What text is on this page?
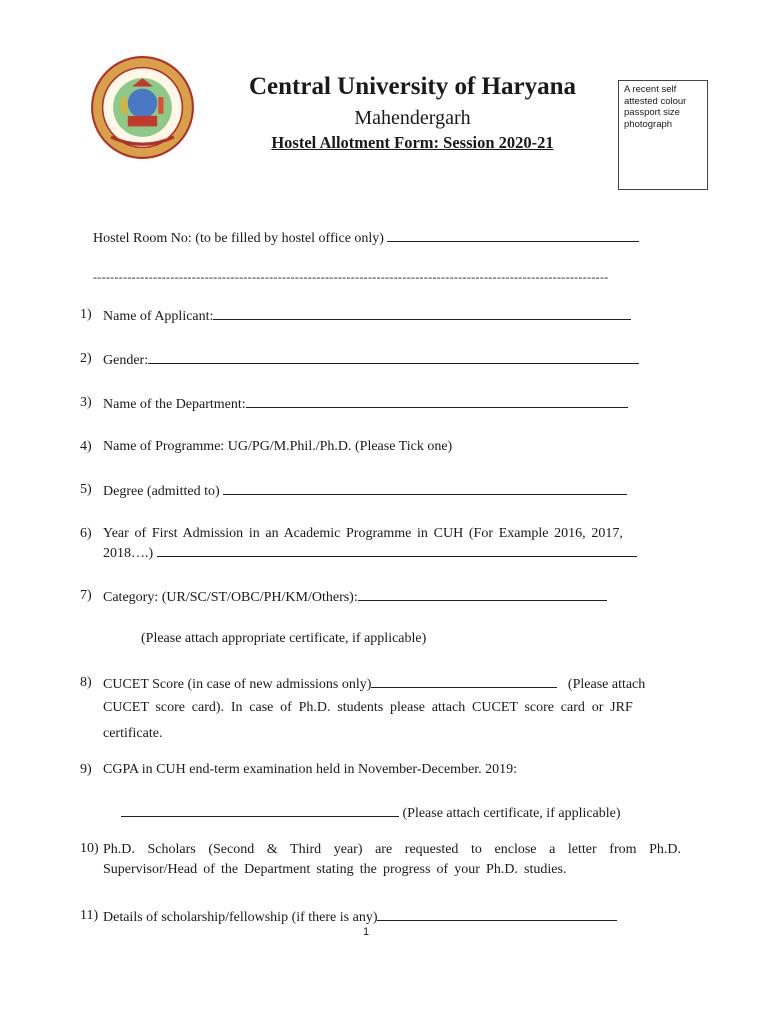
Central University of Haryana
Mahendergarh
Hostel Allotment Form: Session 2020-21
A recent self attested colour passport size photograph
Hostel Room No: (to be filled by hostel office only)
------------------------------------------------------------------------------------------------------------------------
1) Name of Applicant:
2) Gender:
3) Name of the Department:
4) Name of Programme: UG/PG/M.Phil./Ph.D. (Please Tick one)
5) Degree (admitted to)
6) Year of First Admission in an Academic Programme in CUH (For Example 2016, 2017,
2018….)
7) Category: (UR/SC/ST/OBC/PH/KM/Others):
(Please attach appropriate certificate, if applicable)
8) CUCET Score (in case of new admissions only)	(Please attach
CUCET score card). In case of Ph.D. students please attach CUCET score card or JRF
certificate.
9) CGPA in CUH end-term examination held in November-December. 2019:
(Please attach certificate, if applicable)
10) Ph.D. Scholars (Second & Third year) are requested to enclose a letter from Ph.D. Supervisor/Head of the Department stating the progress of your Ph.D. studies.
11) Details of scholarship/fellowship (if there is any)
1
